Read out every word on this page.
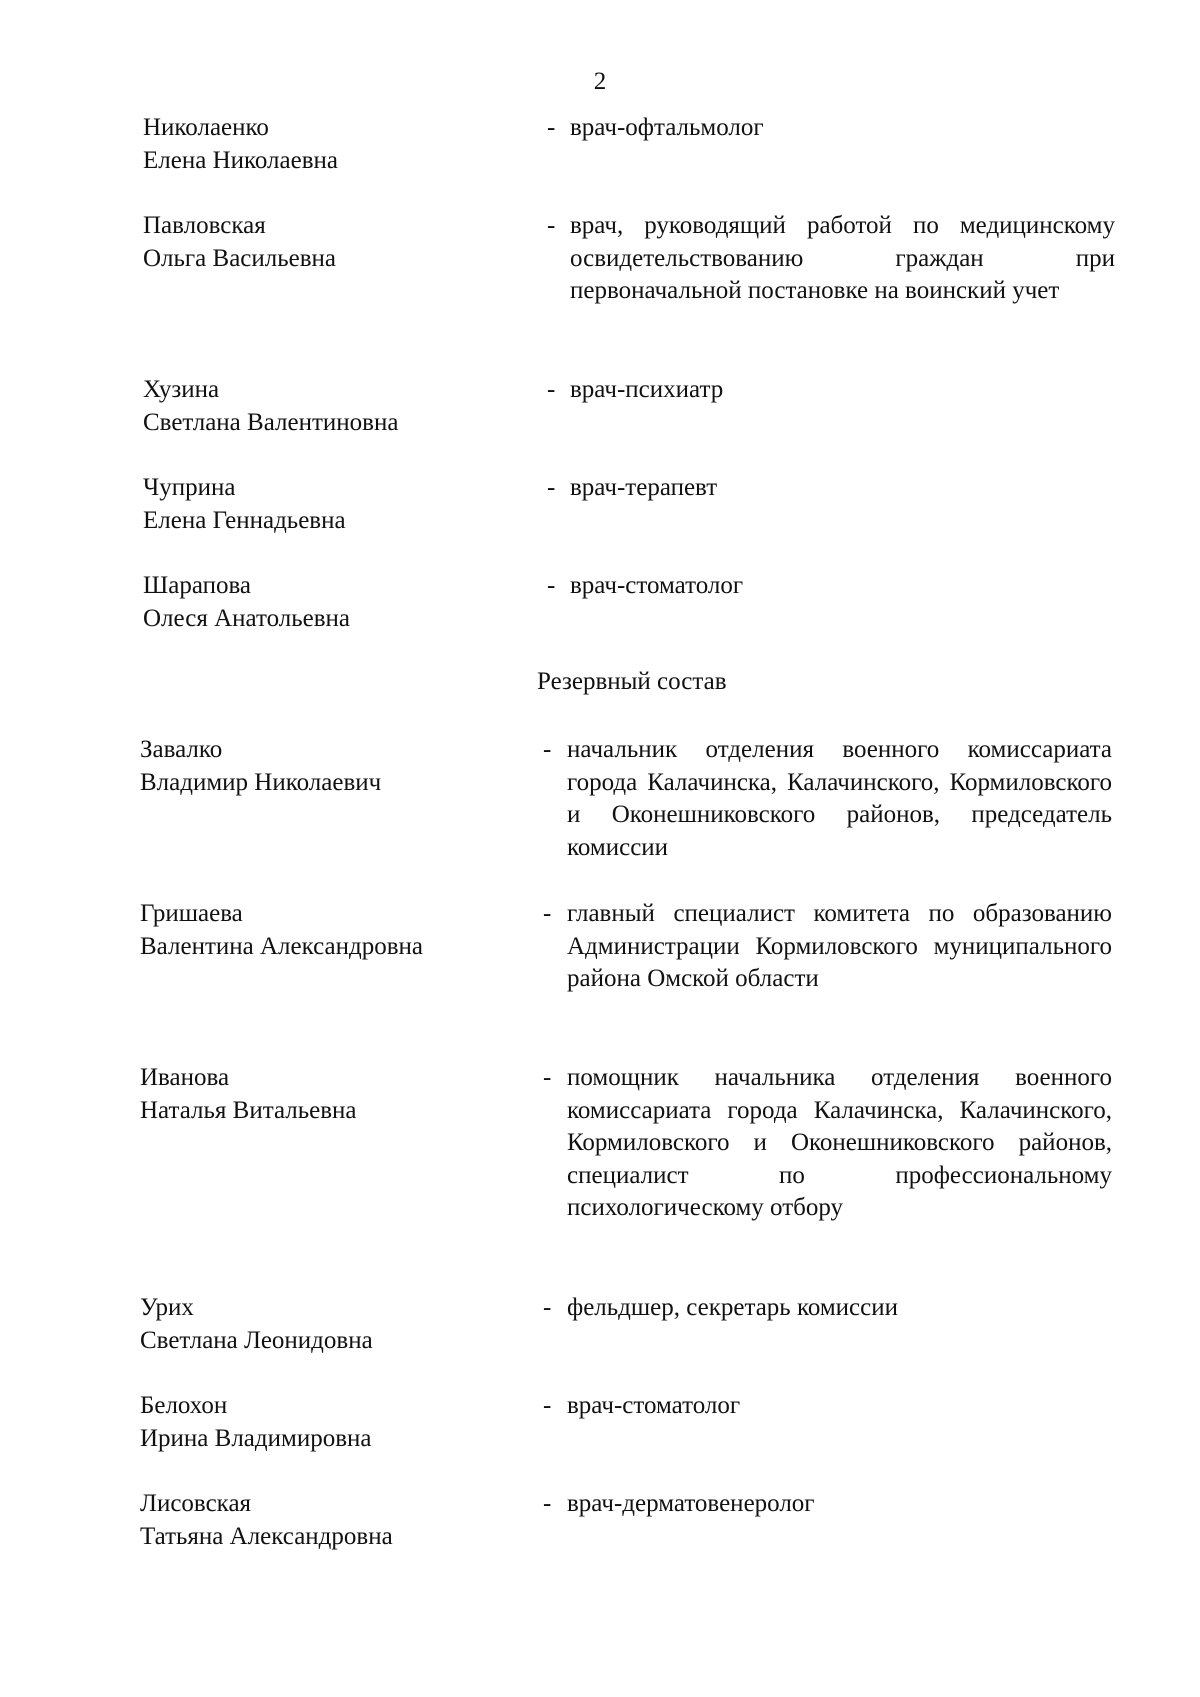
2
Николаенко
Елена Николаевна
- врач-офтальмолог

Павловская
Ольга Васильевна
- врач, руководящий работой по медицинскому освидетельствованию граждан при первоначальной постановке на воинский учет

Хузина
Светлана Валентиновна
- врач-психиатр

Чуприна
Елена Геннадьевна
- врач-терапевт

Шарапова
Олеся Анатольевна
- врач-стоматолог

Резервный состав
Завалко
Владимир Николаевич
- начальник отделения военного комиссариата города Калачинска, Калачинского, Кормиловского и Оконешниковского районов, председатель комиссии

Гришаева
Валентина Александровна
- главный специалист комитета по образованию Администрации Кормиловского муниципального района Омской области

Иванова
Наталья Витальевна
- помощник начальника отделения военного комиссариата города Калачинска, Калачинского, Кормиловского и Оконешниковского районов, специалист по профессиональному психологическому отбору

Урих
Светлана Леонидовна
- фельдшер, секретарь комиссии

Белохон
Ирина Владимировна
- врач-стоматолог

Лисовская
Татьяна Александровна
- врач-дерматовенеролог
